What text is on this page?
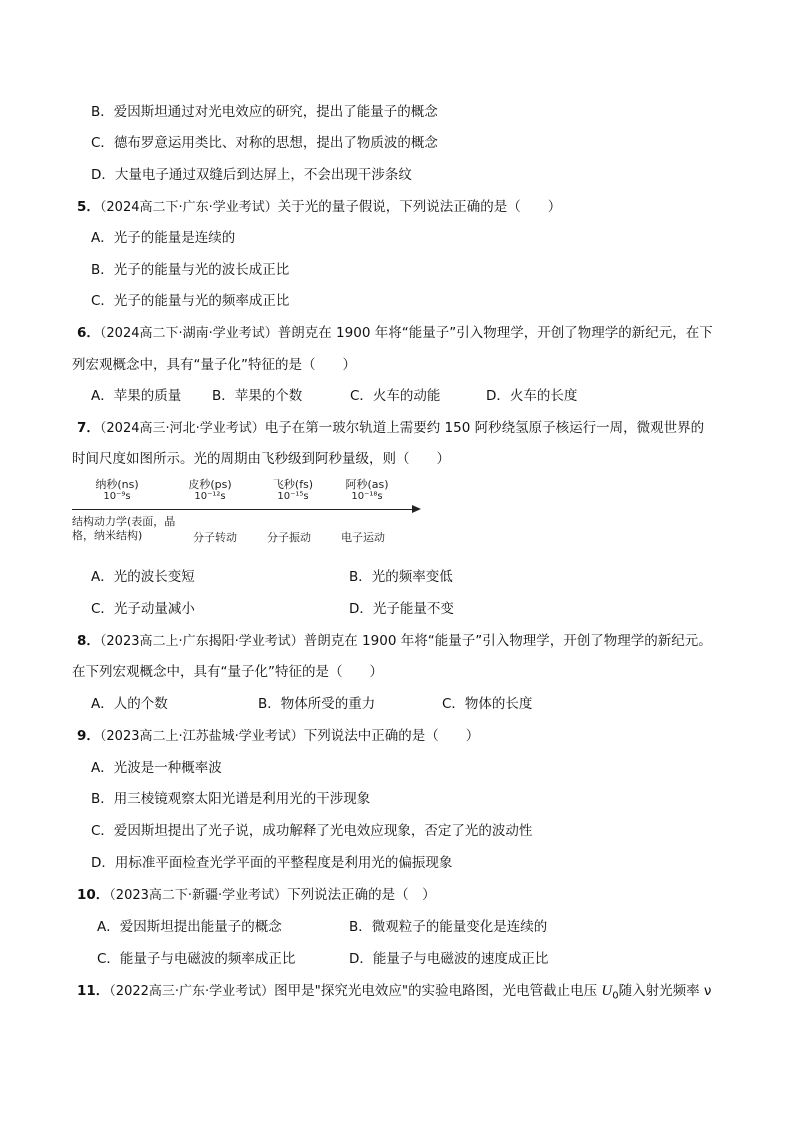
B．爱因斯坦通过对光电效应的研究，提出了能量子的概念
C．德布罗意运用类比、对称的思想，提出了物质波的概念
D．大量电子通过双缝后到达屏上，不会出现干涉条纹
5．（2024高二下·广东·学业考试）关于光的量子假说，下列说法正确的是（　　）
A．光子的能量是连续的
B．光子的能量与光的波长成正比
C．光子的能量与光的频率成正比
6．（2024高二下·湖南·学业考试）普朗克在 1900 年将“能量子”引入物理学，开创了物理学的新纪元，在下
列宏观概念中，具有“量子化”特征的是（　　）
A．苹果的质量 B．苹果的个数	C．火车的动能	D．火车的长度
7．（2024高三·河北·学业考试）电子在第一玻尔轨道上需要约 150 阿秒绕氢原子核运行一周，微观世界的
时间尺度如图所示。光的周期由飞秒级到阿秒量级，则（　　）
纳秒(ns)
10⁻⁹s
皮秒(ps)
10⁻¹²s
飞秒(fs)
10⁻¹⁵s
阿秒(as)
10⁻¹⁸s
结构动力学(表面，晶格，纳米结构)	分子转动	分子振动	电子运动
A．光的波长变短	B．光的频率变低
C．光子动量减小	D．光子能量不变
8．（2023高二上·广东揭阳·学业考试）普朗克在 1900 年将“能量子”引入物理学，开创了物理学的新纪元。
在下列宏观概念中，具有“量子化”特征的是（　　）
A．人的个数	B．物体所受的重力	C．物体的长度
9．（2023高二上·江苏盐城·学业考试）下列说法中正确的是（　　）
A．光波是一种概率波
B．用三棱镜观察太阳光谱是利用光的干涉现象
C．爱因斯坦提出了光子说，成功解释了光电效应现象，否定了光的波动性
D．用标准平面检查光学平面的平整程度是利用光的偏振现象
10．（2023高二下·新疆·学业考试）下列说法正确的是（　）
A．爱因斯坦提出能量子的概念	B．微观粒子的能量变化是连续的
C．能量子与电磁波的频率成正比	D．能量子与电磁波的速度成正比
11．（2022高三·广东·学业考试）图甲是"探究光电效应"的实验电路图，光电管截止电压 $U_0$随入射光频率 ν
